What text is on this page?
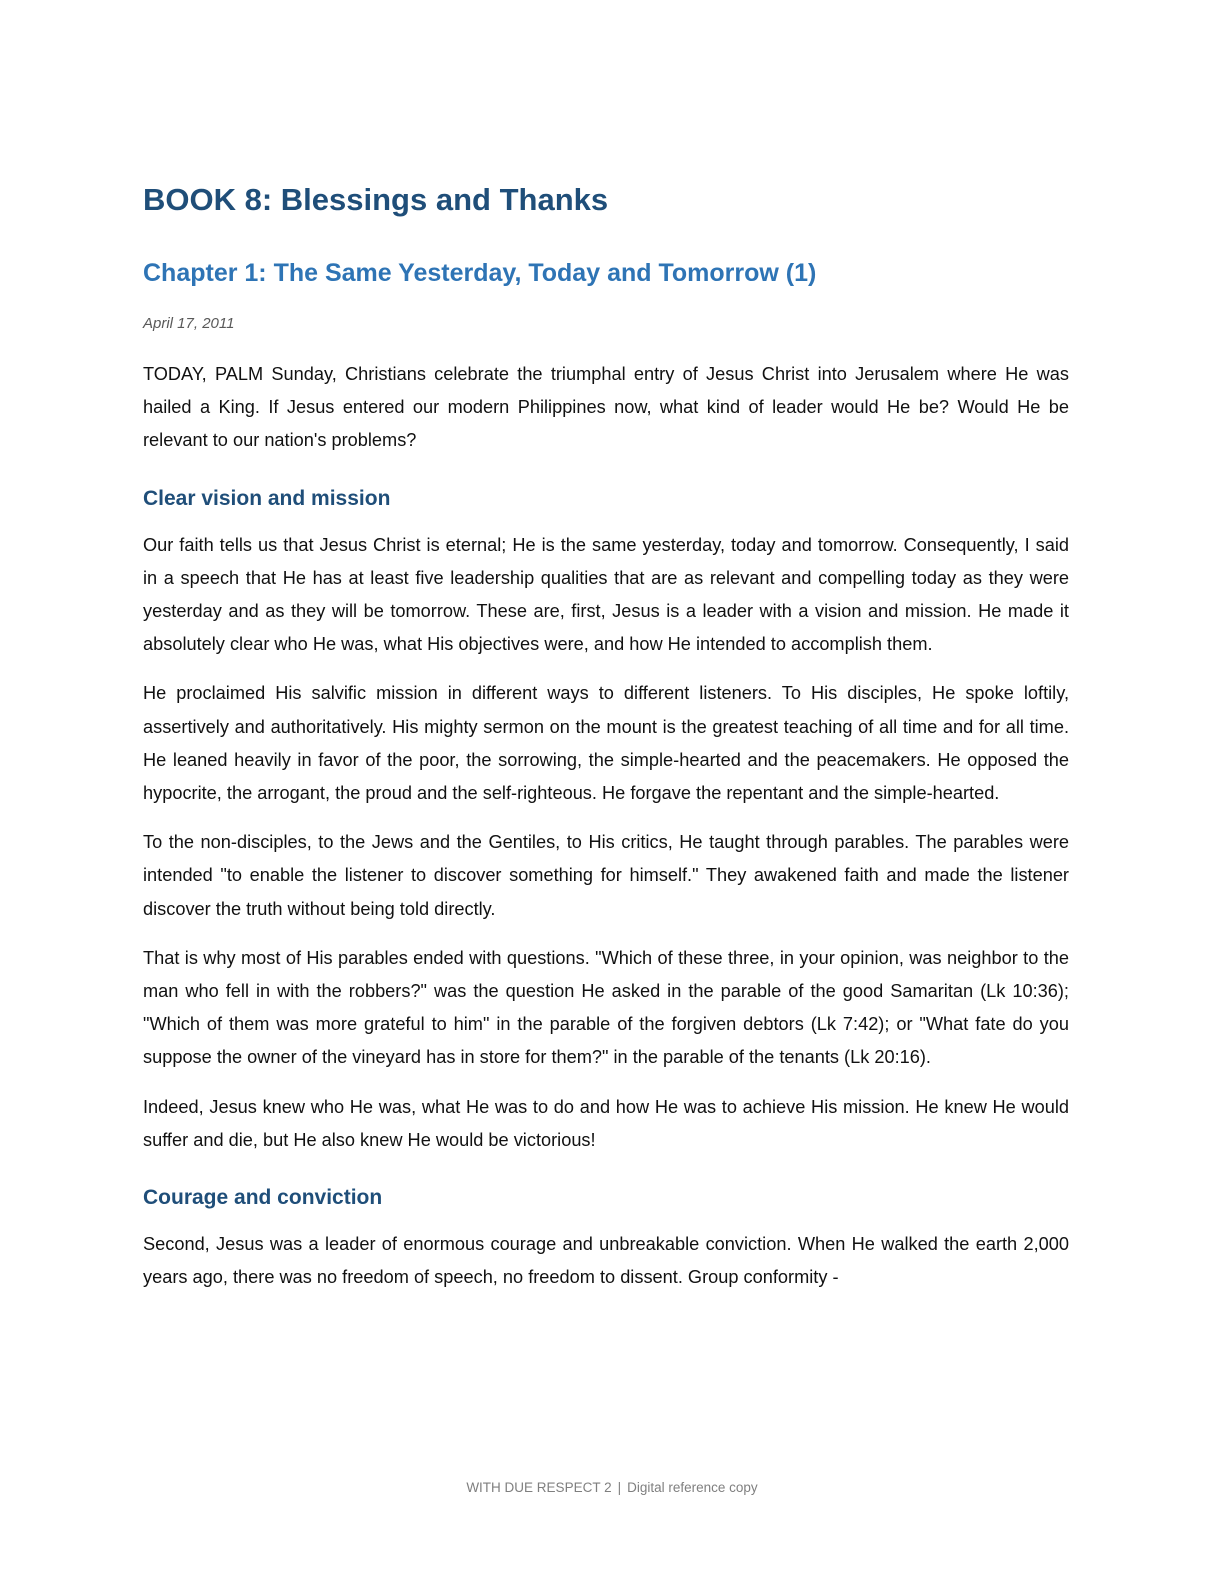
BOOK 8: Blessings and Thanks
Chapter 1: The Same Yesterday, Today and Tomorrow (1)

April 17, 2011

TODAY, PALM Sunday, Christians celebrate the triumphal entry of Jesus Christ into Jerusalem where He was hailed a King. If Jesus entered our modern Philippines now, what kind of leader would He be? Would He be relevant to our nation's problems?

Clear vision and mission

Our faith tells us that Jesus Christ is eternal; He is the same yesterday, today and tomorrow. Consequently, I said in a speech that He has at least five leadership qualities that are as relevant and compelling today as they were yesterday and as they will be tomorrow. These are, first, Jesus is a leader with a vision and mission. He made it absolutely clear who He was, what His objectives were, and how He intended to accomplish them.

He proclaimed His salvific mission in different ways to different listeners. To His disciples, He spoke loftily, assertively and authoritatively. His mighty sermon on the mount is the greatest teaching of all time and for all time. He leaned heavily in favor of the poor, the sorrowing, the simple-hearted and the peacemakers. He opposed the hypocrite, the arrogant, the proud and the self-righteous. He forgave the repentant and the simple-hearted.

To the non-disciples, to the Jews and the Gentiles, to His critics, He taught through parables. The parables were intended "to enable the listener to discover something for himself." They awakened faith and made the listener discover the truth without being told directly.

That is why most of His parables ended with questions. "Which of these three, in your opinion, was neighbor to the man who fell in with the robbers?" was the question He asked in the parable of the good Samaritan (Lk 10:36); "Which of them was more grateful to him" in the parable of the forgiven debtors (Lk 7:42); or "What fate do you suppose the owner of the vineyard has in store for them?" in the parable of the tenants (Lk 20:16).

Indeed, Jesus knew who He was, what He was to do and how He was to achieve His mission. He knew He would suffer and die, but He also knew He would be victorious!

Courage and conviction

Second, Jesus was a leader of enormous courage and unbreakable conviction. When He walked the earth 2,000 years ago, there was no freedom of speech, no freedom to dissent. Group conformity -

WITH DUE RESPECT 2 | Digital reference copy
